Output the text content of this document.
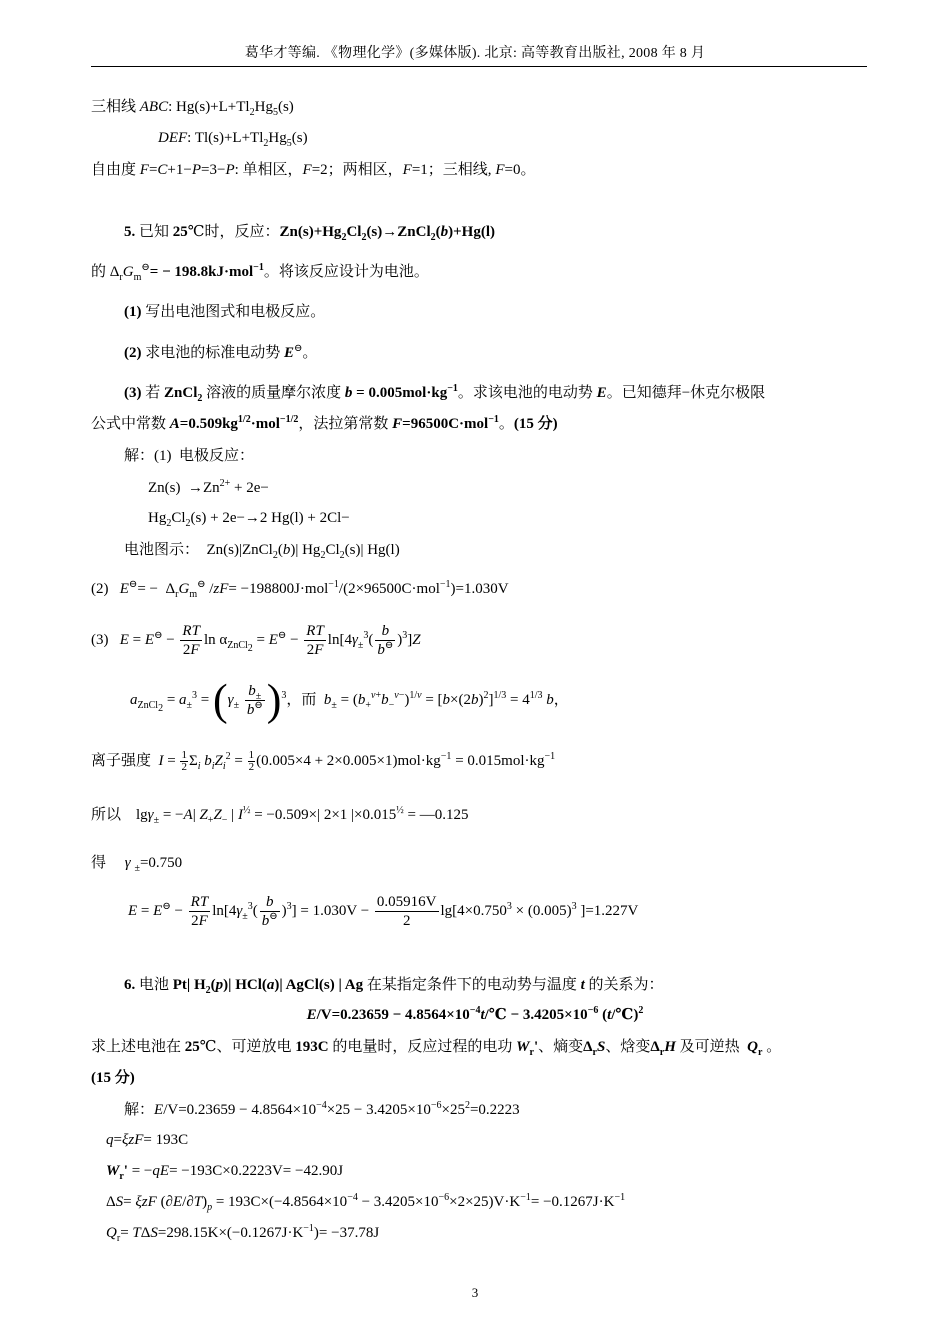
葛华才等编. 《物理化学》(多媒体版). 北京: 高等教育出版社, 2008 年 8 月
三相线 ABC: $Hg(s)+L+Tl_2Hg_5(s)$
DEF: $Tl(s)+L+Tl_2Hg_5(s)$
自由度 F=C+1−P=3−P: 单相区，F=2；两相区，F=1；三相线, F=0。
5. 已知 25℃时，反应：$Zn(s)+Hg_2Cl_2(s)\to ZnCl_2(b)+Hg(l)$
的 $\Delta_rG_m^⊖= - 198.8kJ\cdot mol^{-1}$。将该反应设计为电池。
(1) 写出电池图式和电极反应。
(2) 求电池的标准电动势 E⊖。
(3) 若 ZnCl$_2$ 溶液的质量摩尔浓度 $b = 0.005mol\cdot kg^{-1}$。求该电池的电动势 E。已知德拜−休克尔极限
公式中常数 $A=0.509kg^{1/2}\cdot mol^{-1/2}$，法拉第常数 F=96500C·mol$^{-1}$。(15 分)
解：(1)  电极反应：
$Zn(s) \to Zn^{2+} + 2e-$
$Hg_2Cl_2(s) + 2e-\to 2$ Hg(l) + 2Cl−
电池图示：  Zn(s)|ZnCl$_2$(b)| $Hg_2Cl_2(s)|$ Hg(l)
(2)   $E^⊖= - \Delta_rG_m^⊖$ /zF= −198800J·mol$^{-1}$/(2×96500C·mol$^{-1}$)=1.030V
(3)   $E = E^⊖ - \frac{RT}{2F}$ $\ln \alpha_{ZnCl_2} = E^⊖ - \frac{RT}{2F} \ln[4\gamma_\pm^3( \frac{b}{b^⊖} )^3]Z$
$a_{ZnCl_2} = a_\pm^3 = (\gamma_\pm \frac{b_\pm}{b^⊖} )^3$，而  $b_\pm = (b_+^{\nu+}b_-^{\nu-})^{1/\nu} = [b\times(2b)^2]^{1/3} = 4^{1/3}$ b，
离子强度  $I = \frac{1}{2} \Sigma_i$ $b_iZ_i^2 = \frac{1}{2} (0.005\times 4 + 2\times 0.005\times 1)mol\cdot kg^{-1} = 0.015mol\cdot kg^{-1}$
所以    lgγ$_\pm$ = −A| $Z_+Z_-$ | $I^{\frac{1}{2}} = -0.509\times|$ 2×1 $|\times 0.015^{\frac{1}{2}}$ = —0.125
得     γ $_\pm$=0.750
$E = E^⊖ - \frac{RT}{2F} \ln[4\gamma_\pm^3( \frac{b}{b^⊖} )^3] = 1.030V - \frac{0.05916V}{2} \lg[4\times 0.750^3 \times (0.005)^3$ ]=1.227V
6. 电池 Pt| $H_2(p)|$ HCl(a)| AgCl(s) | Ag 在某指定条件下的电动势与温度 t 的关系为：
$E/V=0.23659 - 4.8564\times 10^{-4}t/℃ - 3.4205\times 10^{-6}$ (t/℃)$^2$
求上述电池在 25℃、可逆放电 193C 的电量时，反应过程的电功 $W_r'$、熵变$\Delta_rS$、焓变$\Delta_rH$ 及可逆热  $Q_r$ 。
(15 分)
解：$E/V=0.23659 - 4.8564\times 10^{-4}\times 25 - 3.4205\times 10^{-6}\times 25^2=0.2223$
q=ξzF= 193C
$W_r' = -qE= -193C\times 0.2223V= -42.90J$
ΔS= ξzF $(\partial E/\partial T)_p = 193C\times(-4.8564\times 10^{-4} - 3.4205\times 10^{-6}\times 2\times 25)V\cdot K^{-1}= -0.1267J\cdot K^{-1}$
$Q_r= T\Delta S=298.15K\times(-0.1267J\cdot K^{-1})= -37.78J$
3
